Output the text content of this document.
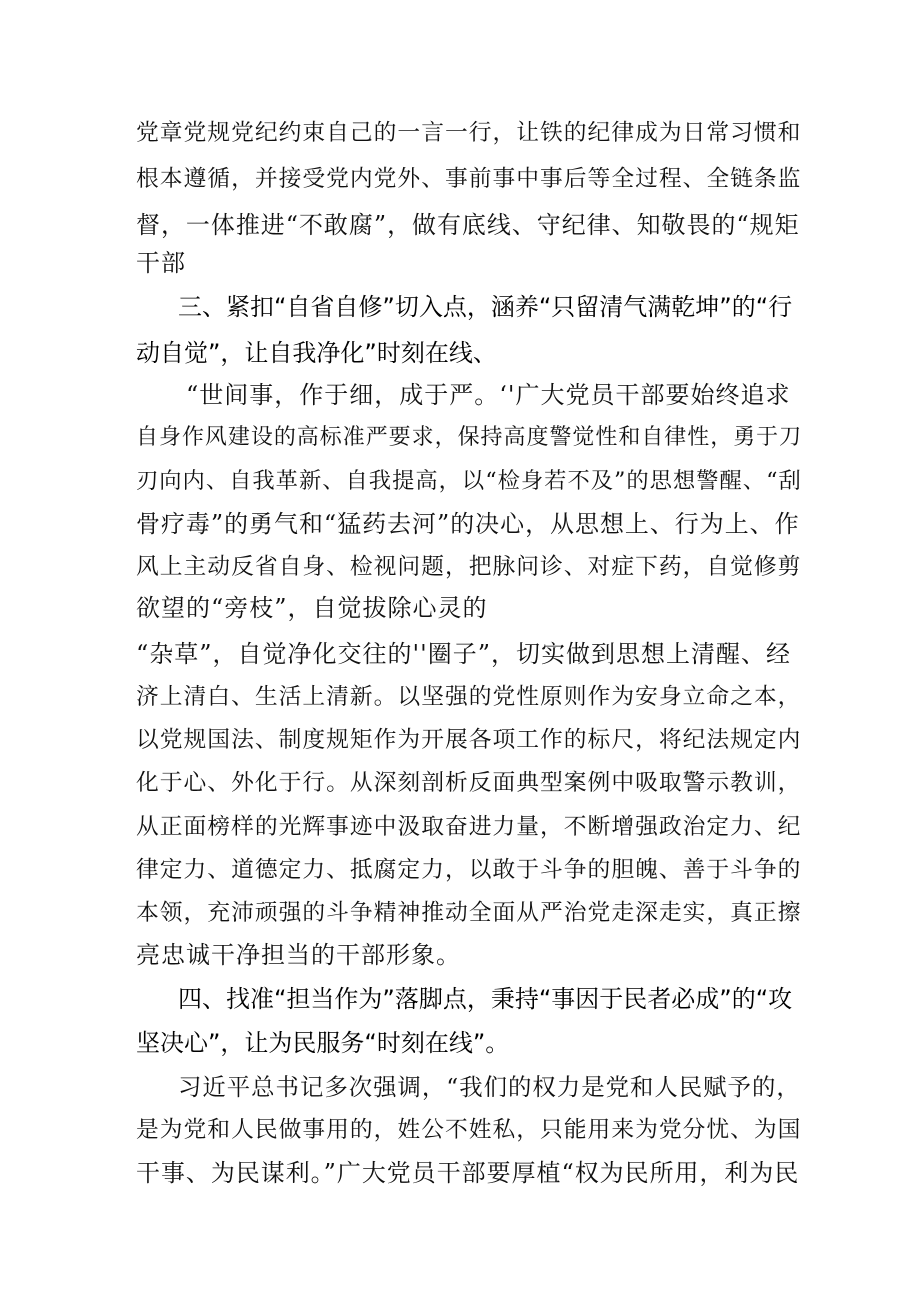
党章党规党纪约束自己的一言一行，让铁的纪律成为日常习惯和
根本遵循，并接受党内党外、事前事中事后等全过程、全链条监
督，一体推进“不敢腐”，做有底线、守纪律、知敬畏的“规矩
干部
三、紧扣“自省自修”切入点，涵养“只留清气满乾坤”的“行
动自觉”，让自我净化”时刻在线、
“世间事，作于细，成于严。‘'广大党员干部要始终追求
自身作风建设的高标准严要求，保持高度警觉性和自律性，勇于刀
刃向内、自我革新、自我提高，以“检身若不及”的思想警醒、“刮
骨疗毒”的勇气和“猛药去河”的决心，从思想上、行为上、作
风上主动反省自身、检视问题，把脉问诊、对症下药，自觉修剪
欲望的“旁枝”，自觉拔除心灵的
“杂草”，自觉净化交往的''圈子”，切实做到思想上清醒、经
济上清白、生活上清新。以坚强的党性原则作为安身立命之本，
以党规国法、制度规矩作为开展各项工作的标尺，将纪法规定内
化于心、外化于行。从深刻剖析反面典型案例中吸取警示教训，
从正面榜样的光辉事迹中汲取奋进力量，不断增强政治定力、纪
律定力、道德定力、抵腐定力，以敢于斗争的胆魄、善于斗争的
本领，充沛顽强的斗争精神推动全面从严治党走深走实，真正擦
亮忠诚干净担当的干部形象。
四、找准“担当作为”落脚点，秉持“事因于民者必成”的“攻
坚决心”，让为民服务“时刻在线”。
习近平总书记多次强调，“我们的权力是党和人民赋予的，
是为党和人民做事用的，姓公不姓私，只能用来为党分忧、为国
干事、为民谋利。”广大党员干部要厚植“权为民所用，利为民
